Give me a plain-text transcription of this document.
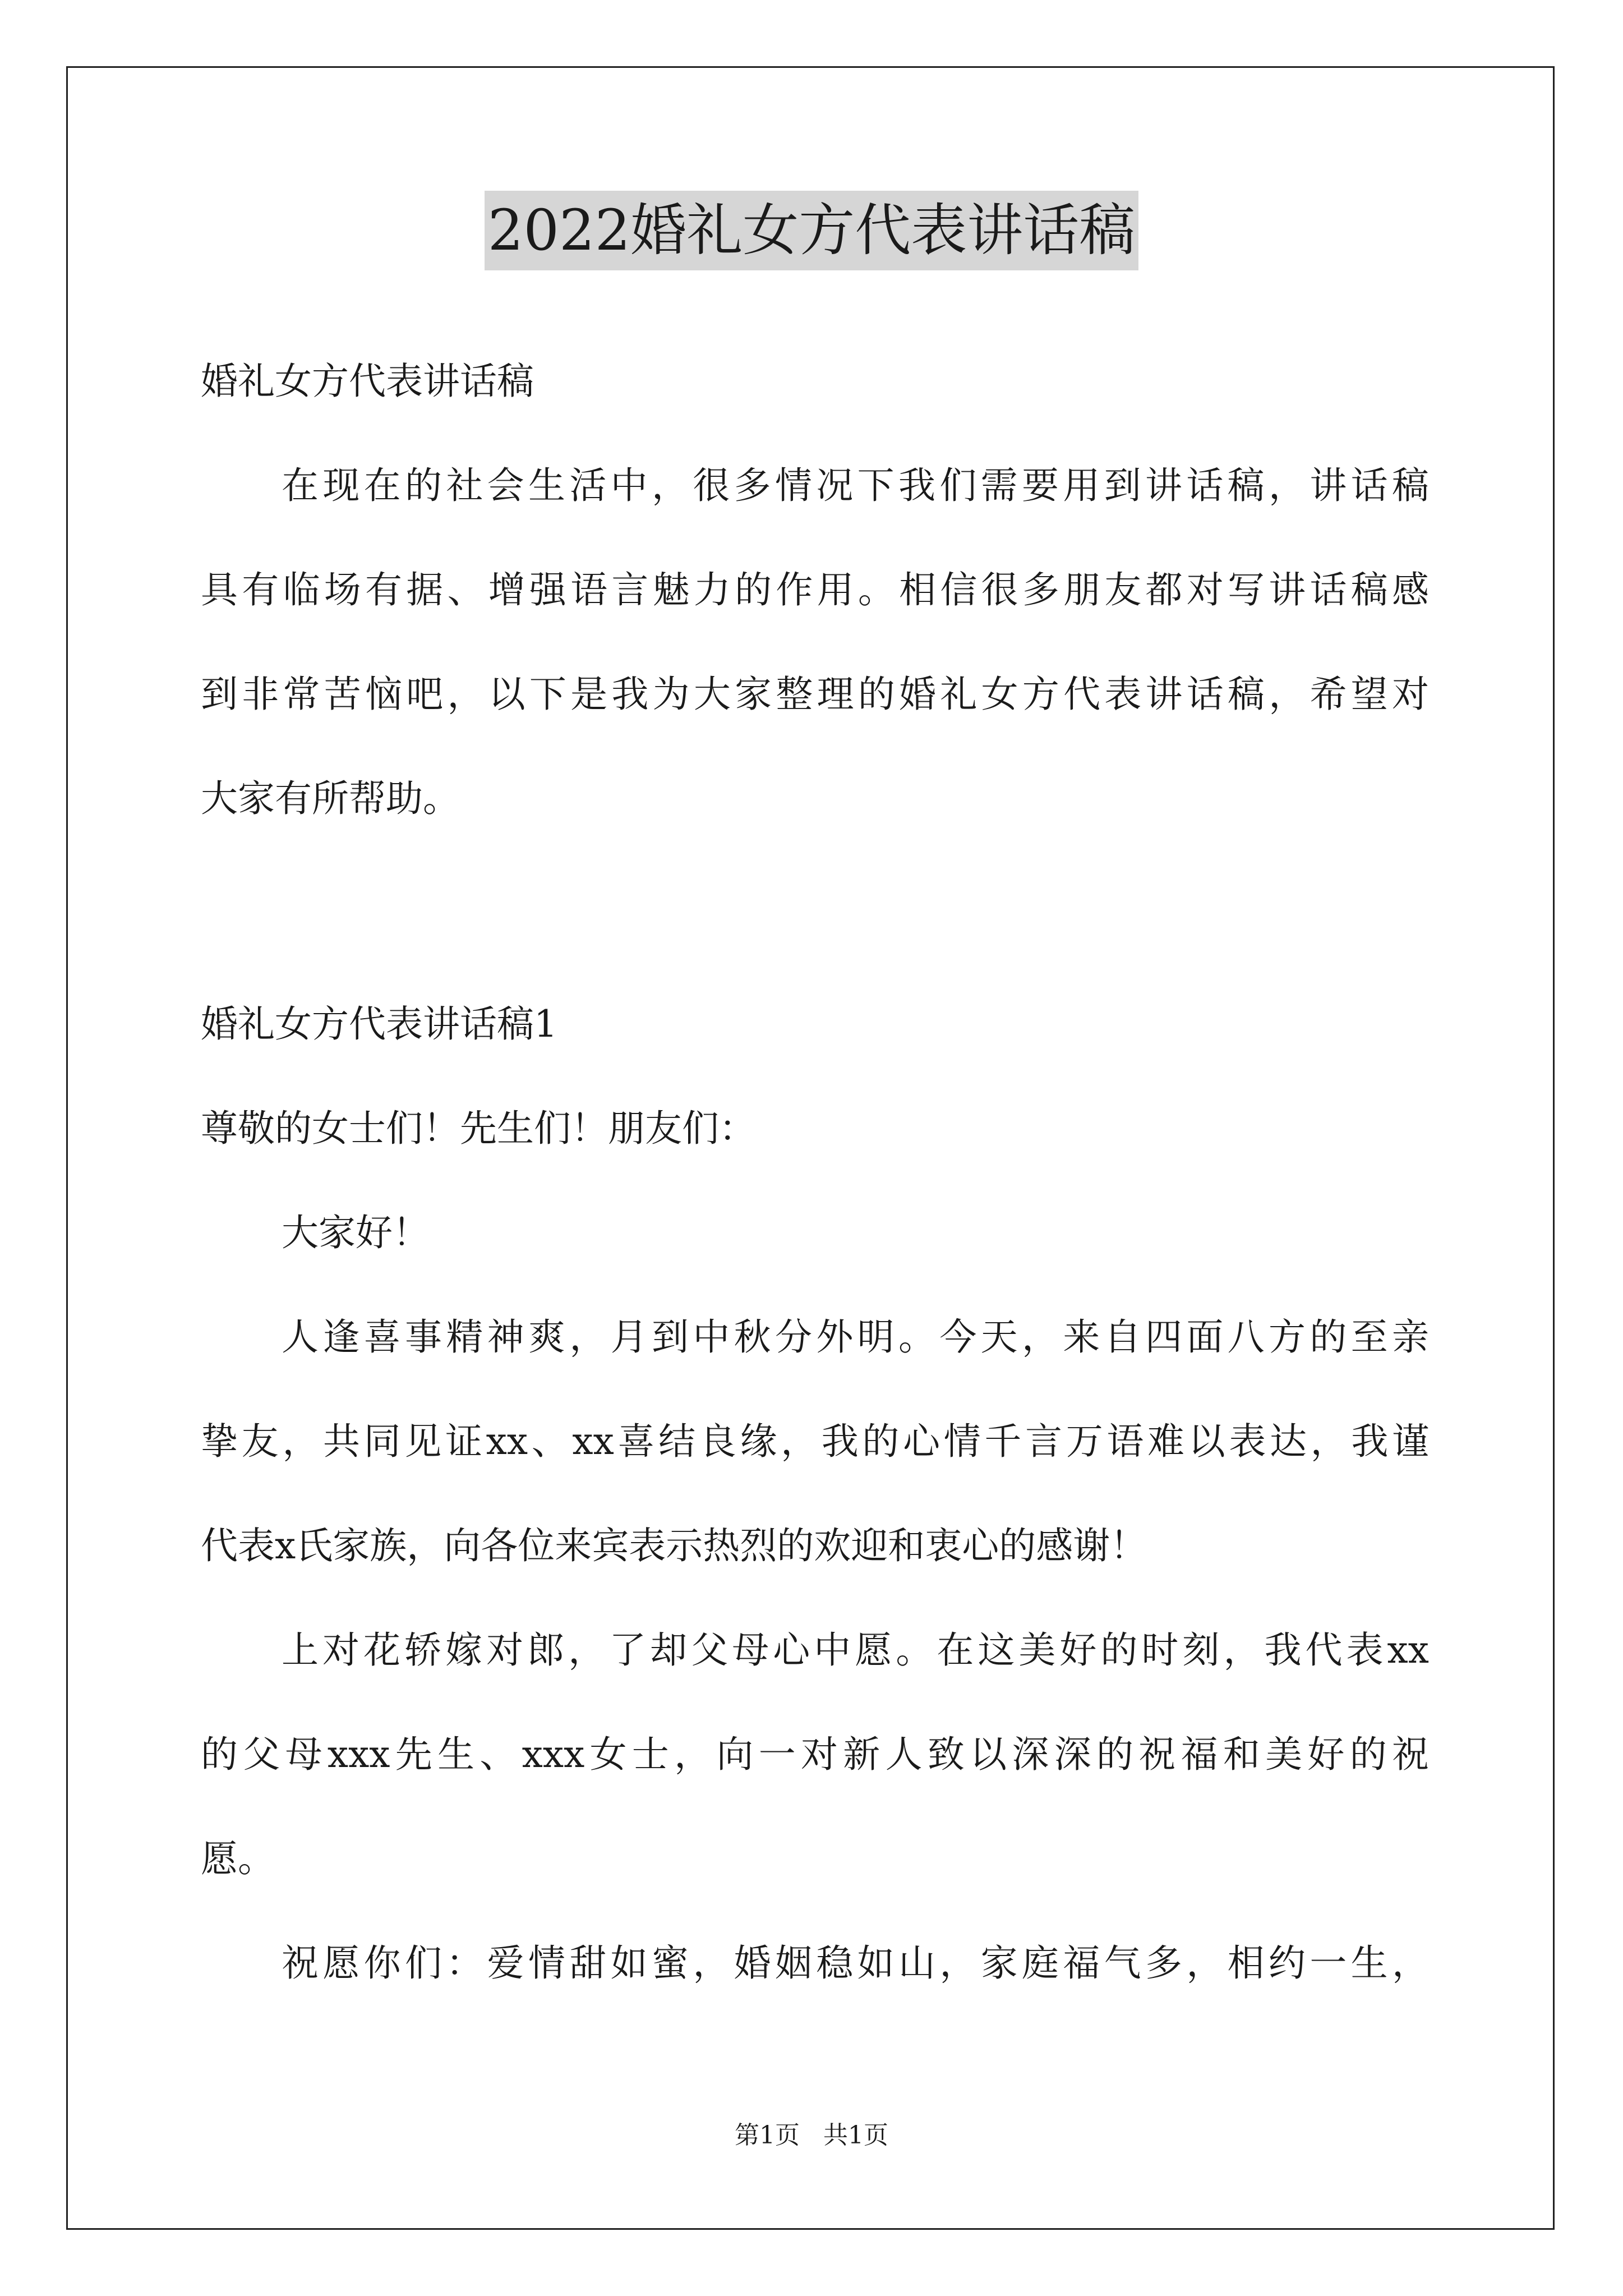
2022婚礼女方代表讲话稿
婚礼女方代表讲话稿
在现在的社会生活中，很多情况下我们需要用到讲话稿，讲话稿
具有临场有据、增强语言魅力的作用。相信很多朋友都对写讲话稿感
到非常苦恼吧，以下是我为大家整理的婚礼女方代表讲话稿，希望对
大家有所帮助。
婚礼女方代表讲话稿1
尊敬的女士们！先生们！朋友们：
大家好！
人逢喜事精神爽，月到中秋分外明。今天，来自四面八方的至亲
挚友，共同见证xx、xx喜结良缘，我的心情千言万语难以表达，我谨
代表x氏家族，向各位来宾表示热烈的欢迎和衷心的感谢！
上对花轿嫁对郎，了却父母心中愿。在这美好的时刻，我代表xx
的父母xxx先生、xxx女士，向一对新人致以深深的祝福和美好的祝
愿。
祝愿你们：爱情甜如蜜，婚姻稳如山，家庭福气多，相约一生，
第1页   共1页
